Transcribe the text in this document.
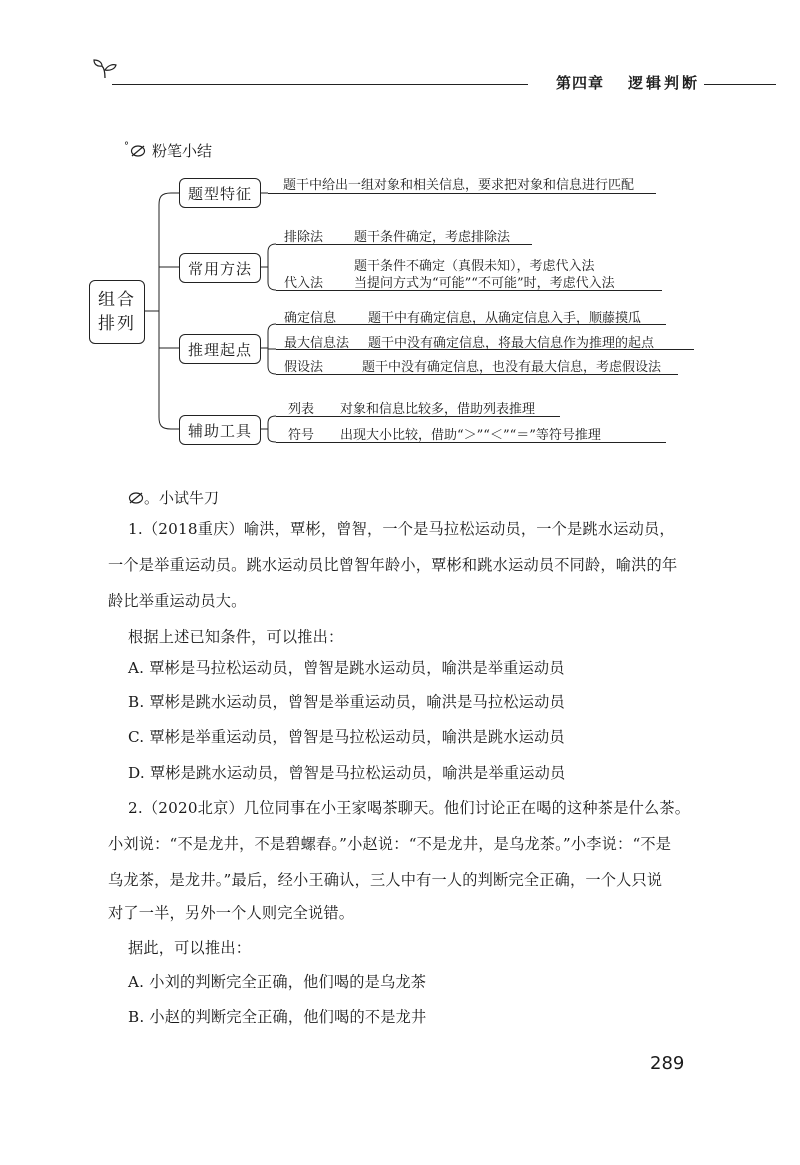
第四章 逻辑判断
° 粉笔小结
组合
排列
题型特征
常用方法
推理起点
辅助工具
题干中给出一组对象和相关信息，要求把对象和信息进行匹配
排除法 题干条件确定，考虑排除法
题干条件不确定（真假未知），考虑代入法
代入法 当提问方式为“可能”“不可能”时，考虑代入法
确定信息 题干中有确定信息，从确定信息入手，顺藤摸瓜
最大信息法 题干中没有确定信息，将最大信息作为推理的起点
假设法	题干中没有确定信息，也没有最大信息，考虑假设法
列表 对象和信息比较多，借助列表推理
符号 出现大小比较，借助“＞”“＜”“＝”等符号推理
。小试牛刀
1.（2018重庆）喻洪，覃彬，曾智，一个是马拉松运动员，一个是跳水运动员，
一个是举重运动员。跳水运动员比曾智年龄小，覃彬和跳水运动员不同龄，喻洪的年
龄比举重运动员大。
根据上述已知条件，可以推出：
A. 覃彬是马拉松运动员，曾智是跳水运动员，喻洪是举重运动员
B. 覃彬是跳水运动员，曾智是举重运动员，喻洪是马拉松运动员
C. 覃彬是举重运动员，曾智是马拉松运动员，喻洪是跳水运动员
D. 覃彬是跳水运动员，曾智是马拉松运动员，喻洪是举重运动员
2.（2020北京）几位同事在小王家喝茶聊天。他们讨论正在喝的这种茶是什么茶。
小刘说：“不是龙井，不是碧螺春。”小赵说：“不是龙井，是乌龙茶。”小李说：“不是
乌龙茶，是龙井。”最后，经小王确认，三人中有一人的判断完全正确，一个人只说
对了一半，另外一个人则完全说错。
据此，可以推出：
A. 小刘的判断完全正确，他们喝的是乌龙茶
B. 小赵的判断完全正确，他们喝的不是龙井
289
